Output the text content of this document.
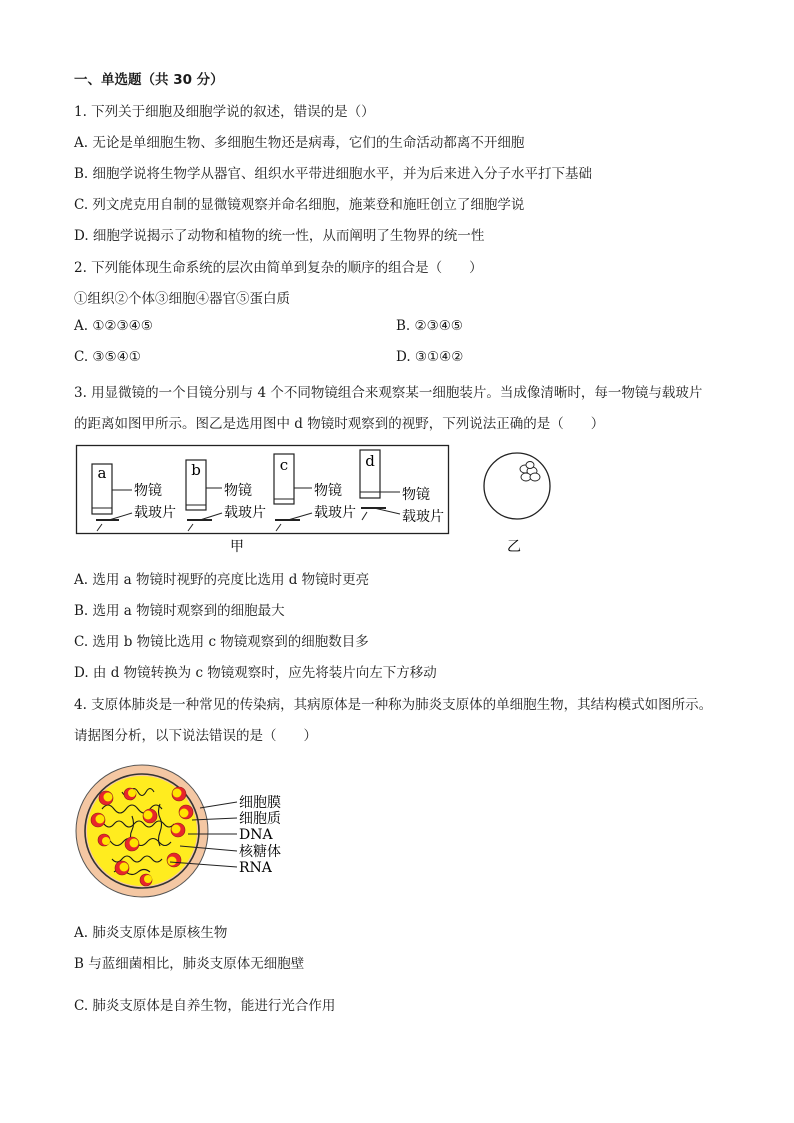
一、单选题（共 30 分）
1. 下列关于细胞及细胞学说的叙述，错误的是（）
A. 无论是单细胞生物、多细胞生物还是病毒，它们的生命活动都离不开细胞
B. 细胞学说将生物学从器官、组织水平带进细胞水平，并为后来进入分子水平打下基础
C. 列文虎克用自制的显微镜观察并命名细胞，施莱登和施旺创立了细胞学说
D. 细胞学说揭示了动物和植物的统一性，从而阐明了生物界的统一性
2. 下列能体现生命系统的层次由简单到复杂的顺序的组合是（　　）
①组织②个体③细胞④器官⑤蛋白质
A. ①②③④⑤	B. ②③④⑤
C. ③⑤④①	D. ③①④②
3. 用显微镜的一个目镜分别与 4 个不同物镜组合来观察某一细胞装片。当成像清晰时，每一物镜与载玻片
的距离如图甲所示。图乙是选用图中 d 物镜时观察到的视野，下列说法正确的是（　　）
a
物镜
载玻片
b
物镜
载玻片
c
物镜
载玻片
d
物镜
载玻片
甲	乙
A. 选用 a 物镜时视野的亮度比选用 d 物镜时更亮
B. 选用 a 物镜时观察到的细胞最大
C. 选用 b 物镜比选用 c 物镜观察到的细胞数目多
D. 由 d 物镜转换为 c 物镜观察时，应先将装片向左下方移动
4. 支原体肺炎是一种常见的传染病，其病原体是一种称为肺炎支原体的单细胞生物，其结构模式如图所示。
请据图分析，以下说法错误的是（　　）
细胞膜
细胞质
DNA
核糖体
RNA
A. 肺炎支原体是原核生物
B 与蓝细菌相比，肺炎支原体无细胞壁
C. 肺炎支原体是自养生物，能进行光合作用
